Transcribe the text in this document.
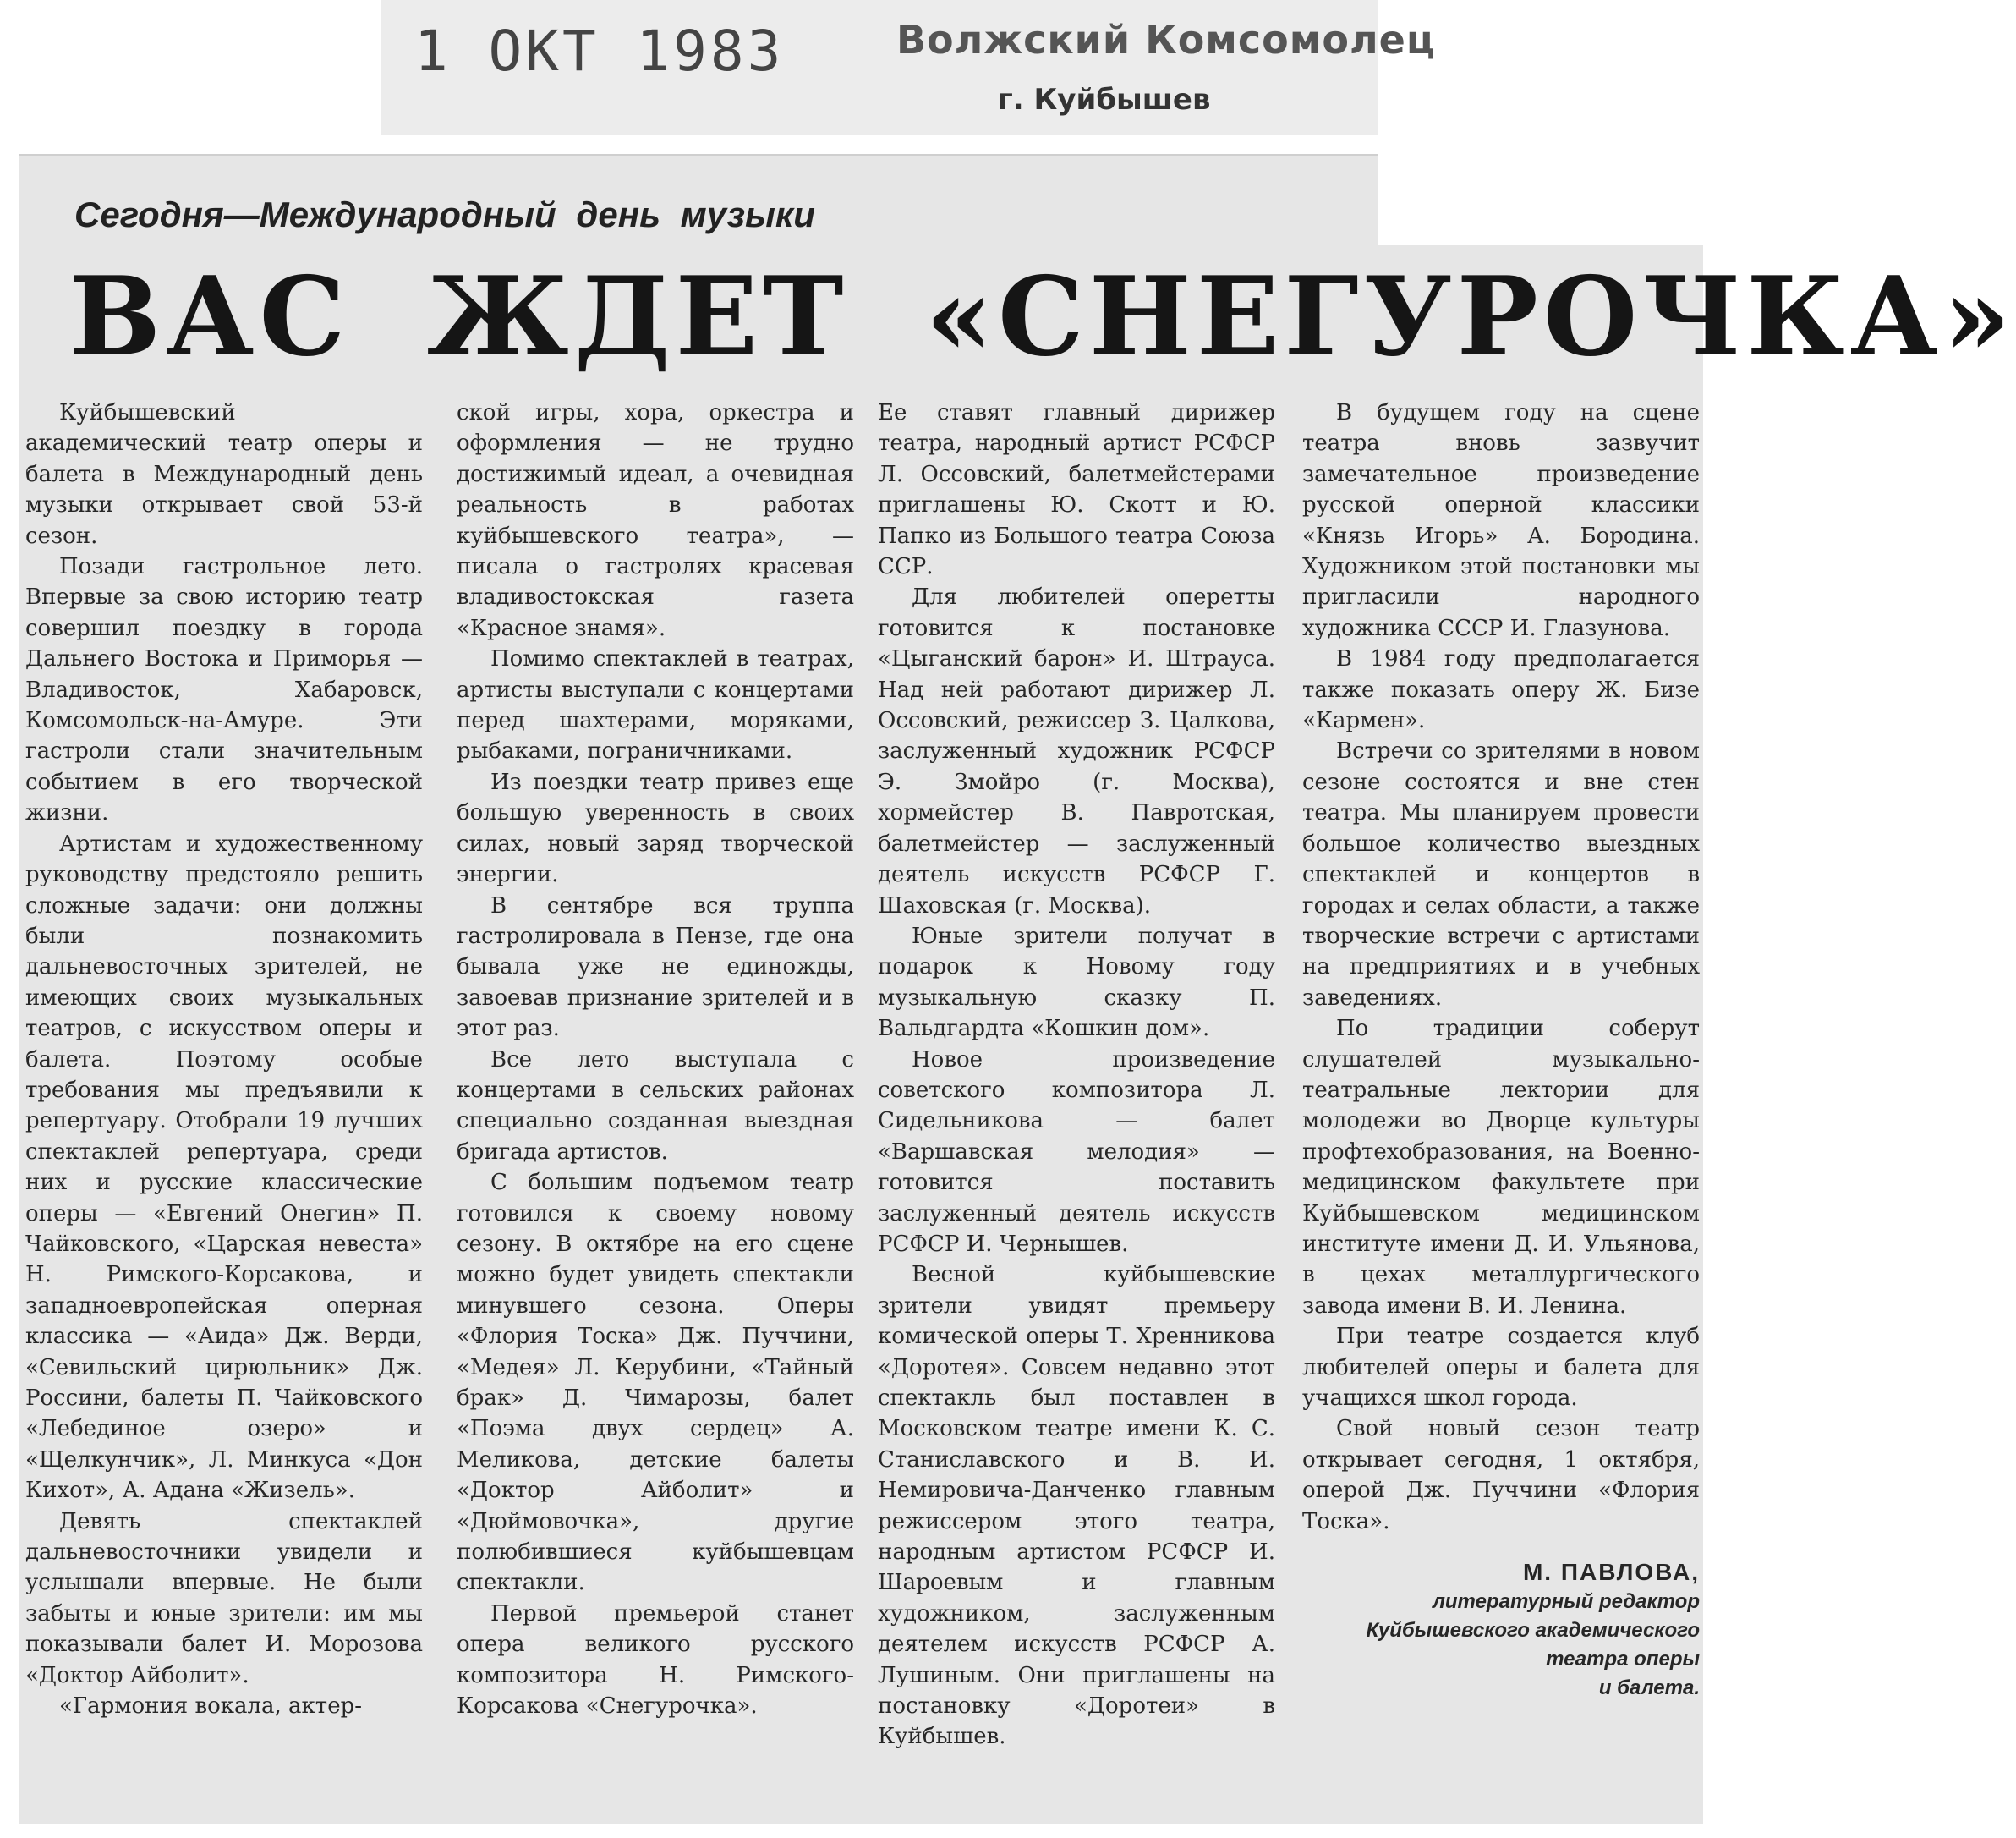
1 ОКТ 1983	Волжский Комсомолец
г. Куйбышев
Сегодня—Международный день музыки
ВАС ЖДЕТ «СНЕГУРОЧКА»

Куйбышевский академический театр оперы и балета в Международный день музыки открывает свой 53-й сезон.

Позади гастрольное лето. Впервые за свою историю театр совершил поездку в города Дальнего Востока и Приморья — Владивосток, Хабаровск, Комсомольск-на-Амуре. Эти гастроли стали значительным событием в его творческой жизни.

Артистам и художественному руководству предстояло решить сложные задачи: они должны были познакомить дальневосточных зрителей, не имеющих своих музыкальных театров, с искусством оперы и балета. Поэтому особые требования мы предъявили к репертуару. Отобрали 19 лучших спектаклей репертуара, среди них и русские классические оперы — «Евгений Онегин» П. Чайковского, «Царская невеста» Н. Римского-Корсакова, и западноевропейская оперная классика — «Аида» Дж. Верди, «Севильский цирюльник» Дж. Россини, балеты П. Чайковского «Лебединое озеро» и «Щелкунчик», Л. Минкуса «Дон Кихот», А. Адана «Жизель».

Девять спектаклей дальневосточники увидели и услышали впервые. Не были забыты и юные зрители: им мы показывали балет И. Морозова «Доктор Айболит».

«Гармония вокала, актер-

ской игры, хора, оркестра и оформления — не трудно достижимый идеал, а очевидная реальность в работах куйбышевского театра», — писала о гастролях красевая владивостокская газета «Красное знамя».

Помимо спектаклей в театрах, артисты выступали с концертами перед шахтерами, моряками, рыбаками, пограничниками.

Из поездки театр привез еще большую уверенность в своих силах, новый заряд творческой энергии.

В сентябре вся труппа гастролировала в Пензе, где она бывала уже не единожды, завоевав признание зрителей и в этот раз.

Все лето выступала с концертами в сельских районах специально созданная выездная бригада артистов.

С большим подъемом театр готовился к своему новому сезону. В октябре на его сцене можно будет увидеть спектакли минувшего сезона. Оперы «Флория Тоска» Дж. Пуччини, «Медея» Л. Керубини, «Тайный брак» Д. Чимарозы, балет «Поэма двух сердец» А. Меликова, детские балеты «Доктор Айболит» и «Дюймовочка», другие полюбившиеся куйбышевцам спектакли.

Первой премьерой станет опера великого русского композитора Н. Римского-Корсакова «Снегурочка».

Ее ставят главный дирижер театра, народный артист РСФСР Л. Оссовский, балетмейстерами приглашены Ю. Скотт и Ю. Папко из Большого театра Союза ССР.

Для любителей оперетты готовится к постановке «Цыганский барон» И. Штрауса. Над ней работают дирижер Л. Оссовский, режиссер З. Цалкова, заслуженный художник РСФСР Э. Змойро (г. Москва), хормейстер В. Павротская, балетмейстер — заслуженный деятель искусств РСФСР Г. Шаховская (г. Москва).

Юные зрители получат в подарок к Новому году музыкальную сказку П. Вальдгардта «Кошкин дом».

Новое произведение советского композитора Л. Сидельникова — балет «Варшавская мелодия» — готовится поставить заслуженный деятель искусств РСФСР И. Чернышев.

Весной куйбышевские зрители увидят премьеру комической оперы Т. Хренникова «Доротея». Совсем недавно этот спектакль был поставлен в Московском театре имени К. С. Станиславского и В. И. Немировича-Данченко главным режиссером этого театра, народным артистом РСФСР И. Шароевым и главным художником, заслуженным деятелем искусств РСФСР А. Лушиным. Они приглашены на постановку «Доротеи» в Куйбышев.

В будущем году на сцене театра вновь зазвучит замечательное произведение русской оперной классики «Князь Игорь» А. Бородина. Художником этой постановки мы пригласили народного художника СССР И. Глазунова.

В 1984 году предполагается также показать оперу Ж. Бизе «Кармен».

Встречи со зрителями в новом сезоне состоятся и вне стен театра. Мы планируем провести большое количество выездных спектаклей и концертов в городах и селах области, а также творческие встречи с артистами на предприятиях и в учебных заведениях.

По традиции соберут слушателей музыкально-театральные лектории для молодежи во Дворце культуры профтехобразования, на Военно-медицинском факультете при Куйбышевском медицинском институте имени Д. И. Ульянова, в цехах металлургического завода имени В. И. Ленина.

При театре создается клуб любителей оперы и балета для учащихся школ города.

Свой новый сезон театр открывает сегодня, 1 октября, оперой Дж. Пуччини «Флория Тоска».

М. ПАВЛОВА,
литературный редактор
Куйбышевского академического театра оперы
и балета.
